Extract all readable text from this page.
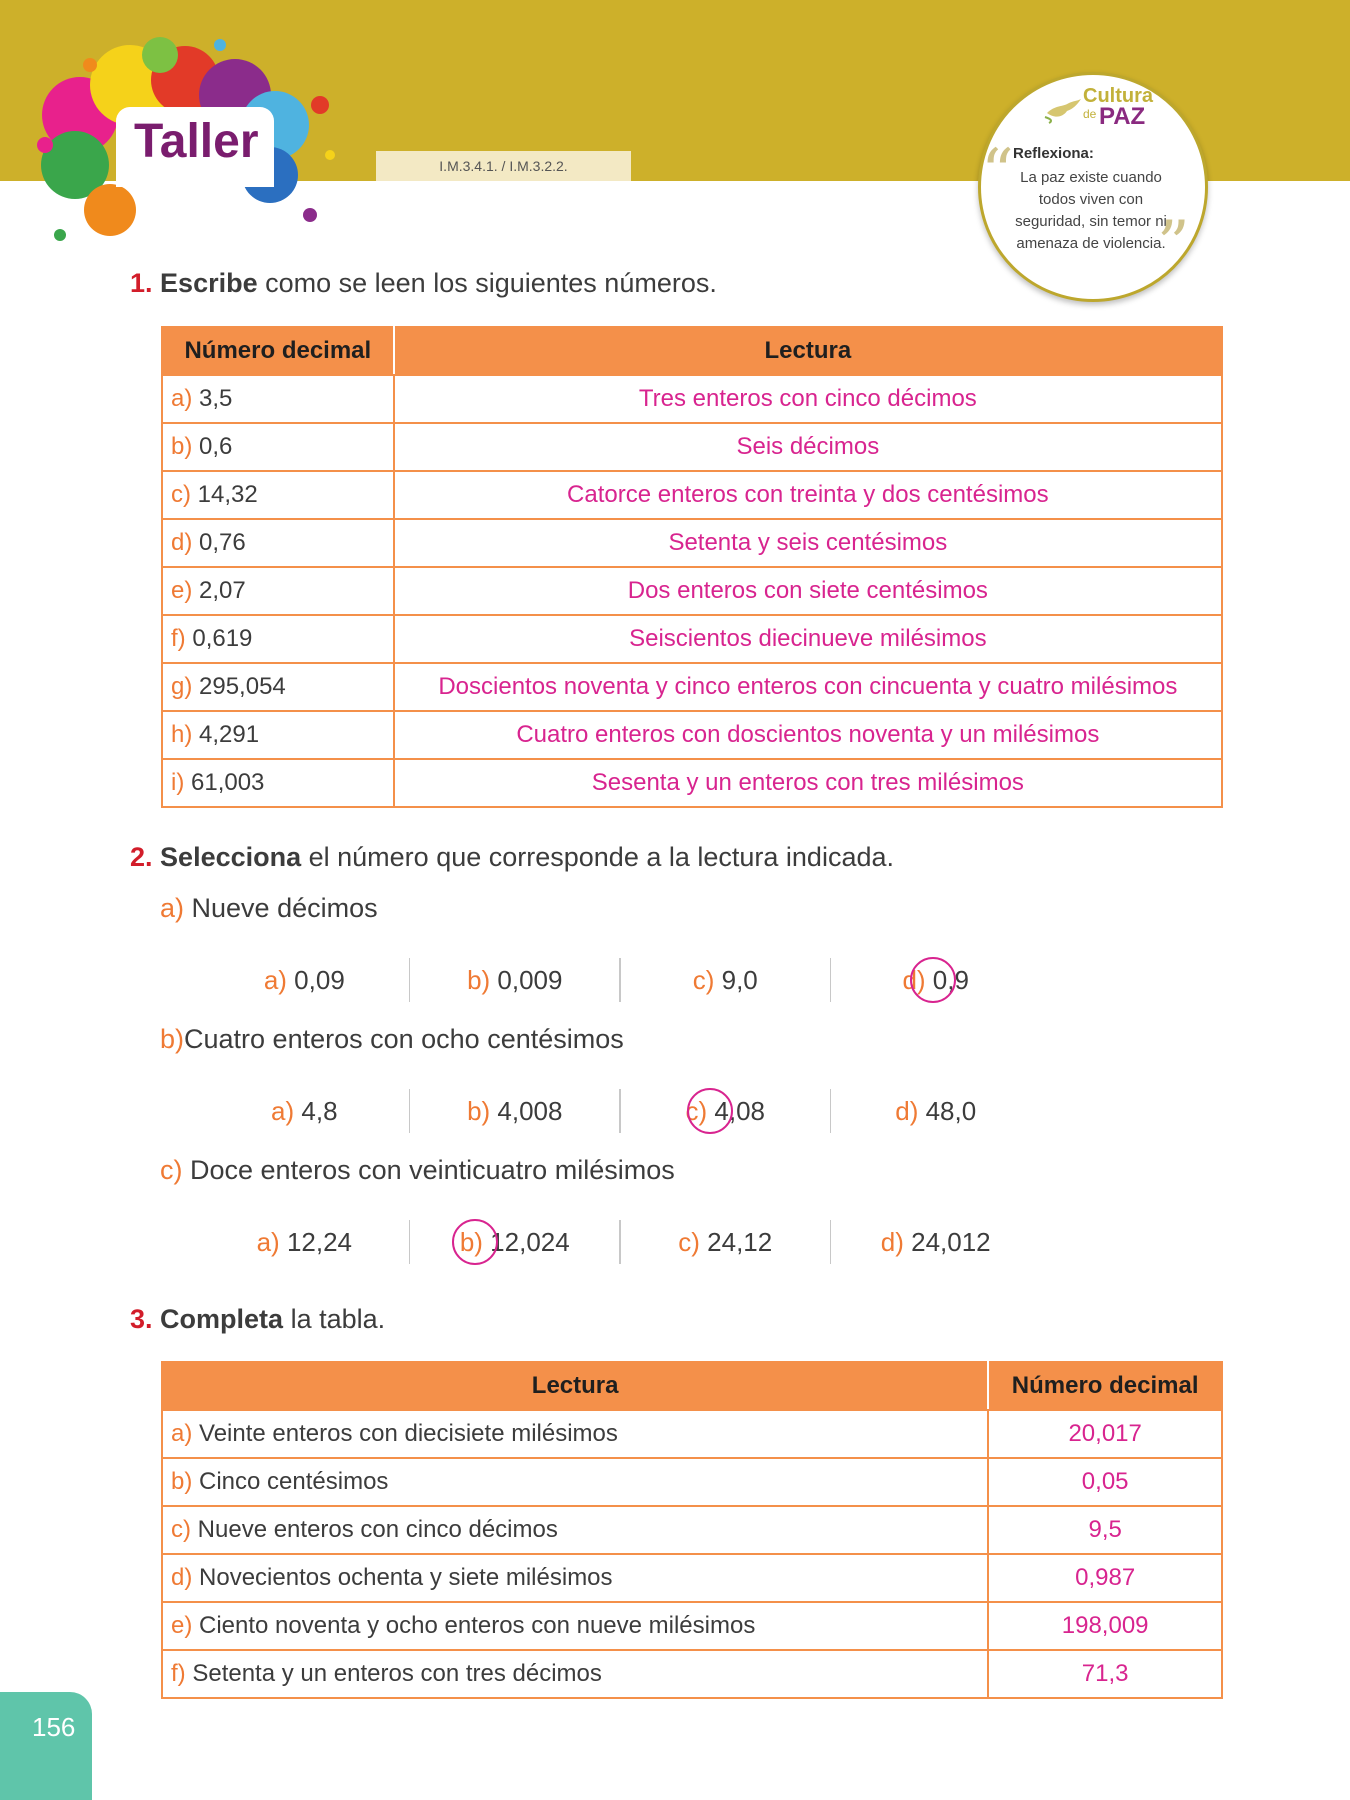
Taller	I.M.3.4.1. / I.M.3.2.2.
Cultura
de PAZ
“ Reflexiona:
La paz existe cuando todos viven con seguridad, sin temor ni amenaza de violencia.
”
1. Escribe como se leen los siguientes números.
Número decimal	Lectura
a) 3,5	Tres enteros con cinco décimos
b) 0,6	Seis décimos
c) 14,32	Catorce enteros con treinta y dos centésimos
d) 0,76	Setenta y seis centésimos
e) 2,07	Dos enteros con siete centésimos
f) 0,619	Seiscientos diecinueve milésimos
g) 295,054	Doscientos noventa y cinco enteros con cincuenta y cuatro milésimos
h) 4,291	Cuatro enteros con doscientos noventa y un milésimos
i) 61,003	Sesenta y un enteros con tres milésimos
2. Selecciona el número que corresponde a la lectura indicada.
a) Nueve décimos
a) 0,09	b) 0,009	c) 9,0	d) 0,9
b)Cuatro enteros con ocho centésimos
a) 4,8	b) 4,008	c) 4,08	d) 48,0
c) Doce enteros con veinticuatro milésimos
a) 12,24	b) 12,024	c) 24,12	d) 24,012
3. Completa la tabla.
Lectura	Número decimal
a) Veinte enteros con diecisiete milésimos	20,017
b) Cinco centésimos	0,05
c) Nueve enteros con cinco décimos	9,5
d) Novecientos ochenta y siete milésimos	0,987
e) Ciento noventa y ocho enteros con nueve milésimos	198,009
f) Setenta y un enteros con tres décimos	71,3
156
